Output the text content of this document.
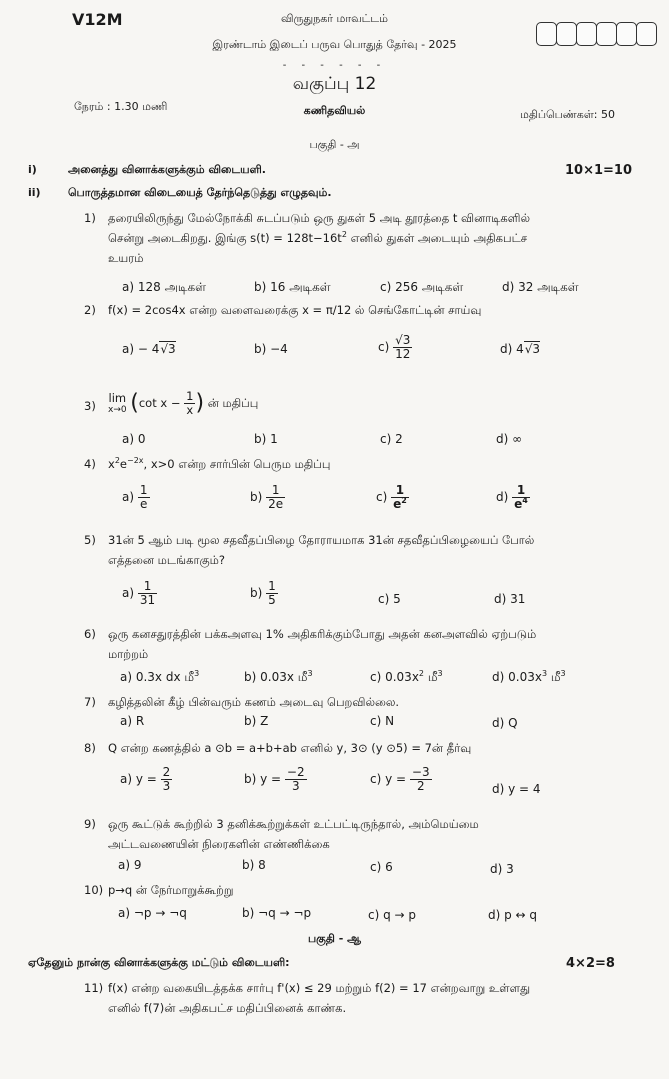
V12M	விருதுநகர் மாவட்டம்
இரண்டாம் இடைப் பருவ பொதுத் தேர்வு - 2025
- - - - - -
வகுப்பு 12
நேரம் : 1.30 மணி	கணிதவியல்	மதிப்பெண்கள்: 50
பகுதி - அ
i)	அனைத்து வினாக்களுக்கும் விடையளி.	10×1=10
ii) பொருத்தமான விடையைத் தேர்ந்தெடுத்து எழுதவும்.
1) தரையிலிருந்து மேல்நோக்கி சுடப்படும் ஒரு துகள் 5 அடி தூரத்தை t வினாடிகளில்
சென்று அடைகிறது. இங்கு $s(t) = 128t-16t^2$ எனில் துகள் அடையும் அதிகபட்ச
உயரம்
a) 128 அடிகள்	b) 16 அடிகள்	c) 256 அடிகள்	d) 32 அடிகள்
2) f(x) = 2cos4x என்ற வளைவரைக்கு x = π/12 ல் செங்கோட்டின் சாய்வு
a) − 4√3	b) −4	$c) \frac{√3}{12}$	d) 4√3
3)
lim
x→0 (cot $x - \frac{1}{x}$ ) ன் மதிப்பு
a) 0	b) 1	c) 2	d) ∞
4) $x^2e^{-2x}$, x>0 என்ற சார்பின் பெரும மதிப்பு
$a) \frac{1}{e}$	$b) \frac{1}{2e}$	$c) \frac{1}{e^2}$	$d) \frac{1}{e^4}$
5) 31ன் 5 ஆம் படி மூல சதவீதப்பிழை தோராயமாக 31ன் சதவீதப்பிழையைப் போல்
எத்தனை மடங்காகும்?
$a) \frac{1}{31}$	$b) \frac{1}{5}$	c) 5	d) 31
6) ஒரு கனசதுரத்தின் பக்கஅளவு 1% அதிகரிக்கும்போது அதன் கனஅளவில் ஏற்படும்
மாற்றம்
a) 0.3x dx மீ$^3$	b) 0.03x மீ$^3$	c) $0.03x^2$ மீ$^3$	d) $0.03x^3$ மீ$^3$
7) கழித்தலின் கீழ் பின்வரும் கணம் அடைவு பெறவில்லை.
a) R	b) Z	c) N	d) Q
8) Q என்ற கணத்தில் a ⊙b = a+b+ab எனில் y, 3⊙ (y ⊙5) = 7ன் தீர்வு
a) $y = \frac{2}{3}$	b) $y = \frac{-2}{3}$	c) $y = \frac{-3}{2}$	d) y = 4
9) ஒரு கூட்டுக் கூற்றில் 3 தனிக்கூற்றுக்கள் உட்பட்டிருந்தால், அம்மெய்மை
அட்டவணையின் நிரைகளின் எண்ணிக்கை
a) 9	b) 8	c) 6	d) 3
10) p→q ன் நேர்மாறுக்கூற்று
a) ¬p → ¬q	b) ¬q → ¬p	c) q → p	d) p ↔ q
பகுதி - ஆ
ஏதேனும் நான்கு வினாக்களுக்கு மட்டும் விடையளி:	4×2=8
11) f(x) என்ற வகையிடத்தக்க சார்பு f'(x) ≤ 29 மற்றும் f(2) = 17 என்றவாறு உள்ளது
எனில் f(7)ன் அதிகபட்ச மதிப்பினைக் காண்க.
